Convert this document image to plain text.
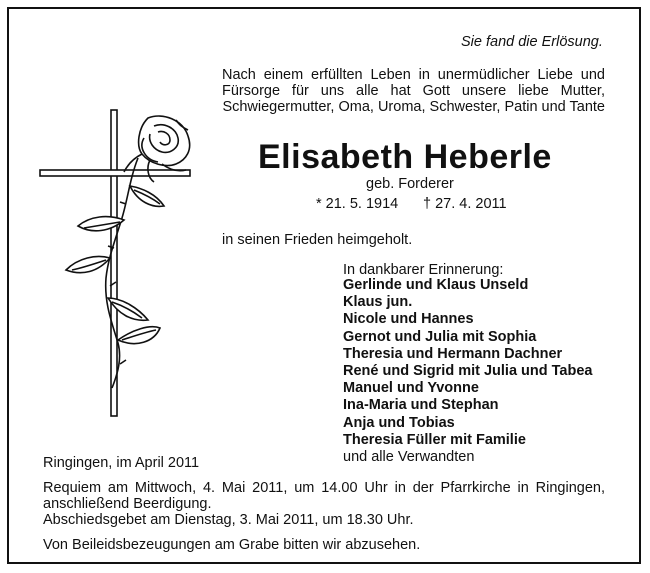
Sie fand die Erlösung.
Nach einem erfüllten Leben in unermüdlicher Liebe und
Fürsorge für uns alle hat Gott unsere liebe Mutter,
Schwiegermutter, Oma, Uroma, Schwester, Patin und Tante
Elisabeth Heberle
geb. Forderer
* 21. 5. 1914 † 27. 4. 2011
in seinen Frieden heimgeholt.
In dankbarer Erinnerung:
Gerlinde und Klaus Unseld
Klaus jun.
Nicole und Hannes
Gernot und Julia mit Sophia
Theresia und Hermann Dachner
René und Sigrid mit Julia und Tabea
Manuel und Yvonne
Ina-Maria und Stephan
Anja und Tobias
Theresia Füller mit Familie
und alle Verwandten
Ringingen, im April 2011
Requiem am Mittwoch, 4. Mai 2011, um 14.00 Uhr in der Pfarrkirche in Ringingen,
anschließend Beerdigung.
Abschiedsgebet am Dienstag, 3. Mai 2011, um 18.30 Uhr.
Von Beileidsbezeugungen am Grabe bitten wir abzusehen.
